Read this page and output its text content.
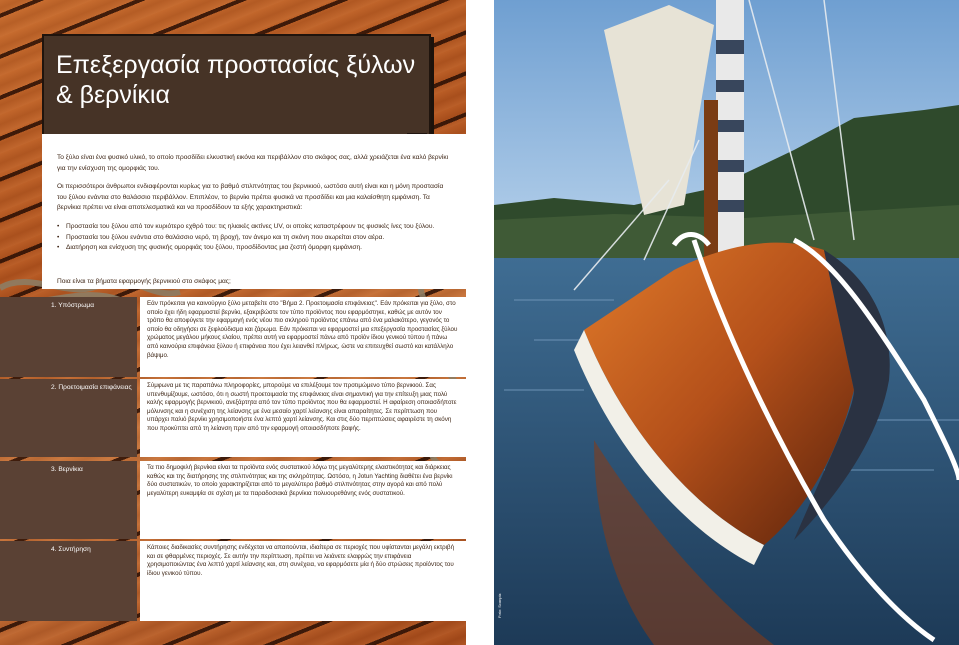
Επεξεργασία προστασίας ξύλων
& βερνίκια
Το ξύλο είναι ένα φυσικό υλικό, το οποίο προσδίδει ελκυστική εικόνα και περιβάλλον στο σκάφος σας, αλλά χρειάζεται ένα καλό βερνίκι για την ενίσχυση της ομορφιάς του.
Οι περισσότεροι άνθρωποι ενδιαφέρονται κυρίως για το βαθμό στιλπνότητας του βερνικιού, ωστόσο αυτή είναι και η μόνη προστασία του ξύλου ενάντια στο θαλάσσιο περιβάλλον. Επιπλέον, το βερνίκι πρέπει φυσικά να προσδίδει και μια καλαίσθητη εμφάνιση. Τα βερνίκια πρέπει να είναι αποτελεσματικά και να προσδίδουν τα εξής χαρακτηριστικά:
• Προστασία του ξύλου από τον κυριότερο εχθρό του: τις ηλιακές ακτίνες UV, οι οποίες καταστρέφουν τις φυσικές ίνες του ξύλου.
• Προστασία του ξύλου ενάντια στο θαλάσσιο νερό, τη βροχή, τον άνεμο και τη σκόνη που αιωρείται στον αέρα.
• Διατήρηση και ενίσχυση της φυσικής ομορφιάς του ξύλου, προσδίδοντας μια ζεστή όμορφη εμφάνιση.
Ποια είναι τα βήματα εφαρμογής βερνικιού στο σκάφος μας;
1. Υπόστρωμα	Εάν πρόκειται για καινούργιο ξύλο μεταβείτε στο "Βήμα 2. Προετοιμασία επιφάνειας". Εάν πρόκειται για ξύλο, στο οποίο έχει ήδη εφαρμοστεί βερνίκι, εξακριβώστε τον τύπο προϊόντος που εφαρμόστηκε, καθώς με αυτόν τον τρόπο θα αποφύγετε την εφαρμογή ενός νέου πιο σκληρού προϊόντος επάνω από ένα μαλακότερο, γεγονός το οποίο θα οδηγήσει σε ξεφλούδισμα και ζάρωμα. Εάν πρόκειται να εφαρμοστεί μια επεξεργασία προστασίας ξύλου χρώματος μεγάλου μήκους ελαίου, πρέπει αυτή να εφαρμοστεί πάνω από προϊόν ίδιου γενικού τύπου ή πάνω από καινούρια επιφάνεια ξύλου ή επιφάνεια που έχει λειανθεί πλήρως, ώστε να επιτευχθεί σωστό και κατάλληλο βάψιμο.
2. Προετοιμασία επιφάνειας	Σύμφωνα με τις παραπάνω πληροφορίες, μπορούμε να επιλέξουμε τον προτιμώμενο τύπο βερνικιού. Σας υπενθυμίζουμε, ωστόσο, ότι η σωστή προετοιμασία της επιφάνειας είναι σημαντική για την επίτευξη μιας πολύ καλής εφαρμογής βερνικιού, ανεξάρτητα από τον τύπο προϊόντος που θα εφαρμοστεί. Η αφαίρεση οποιασδήποτε μόλυνσης και η συνέχιση της λείανσης με ένα μεσαίο χαρτί λείανσης είναι απαραίτητες. Σε περίπτωση που υπάρχει παλιό βερνίκι χρησιμοποιήστε ένα λεπτό χαρτί λείανσης. Και στις δύο περιπτώσεις αφαιρέστε τη σκόνη που προκύπτει από τη λείανση πριν από την εφαρμογή οποιασδήποτε βαφής.
3. Βερνίκια	Τα πιο δημοφιλή βερνίκια είναι τα προϊόντα ενός συστατικού λόγω της μεγαλύτερης ελαστικότητας και διάρκειας καθώς και της διατήρησης της στιλπνότητας και της σκληρότητας. Ωστόσο, η Jotun Yachting διαθέτει ένα βερνίκι δύο συστατικών, το οποίο χαρακτηρίζεται από το μεγαλύτερο βαθμό στιλπνότητας στην αγορά και από πολύ μεγαλύτερη ευκαμψία σε σχέση με τα παραδοσιακά βερνίκια πολυουρεθάνης ενός συστατικού.
4. Συντήρηση	Κάποιες διαδικασίες συντήρησης ενδέχεται να απαιτούνται, ιδιαίτερα σε περιοχές που υφίστανται μεγάλη εκτριβή και σε φθαρμένες περιοχές. Σε αυτήν την περίπτωση, πρέπει να λειάνετε ελαφρώς την επιφάνεια χρησιμοποιώντας ένα λεπτό χαρτί λείανσης και, στη συνέχεια, να εφαρμόσετε μία ή δύο στρώσεις προϊόντος του ίδιου γενικού τύπου.
Foto: Scanpix
